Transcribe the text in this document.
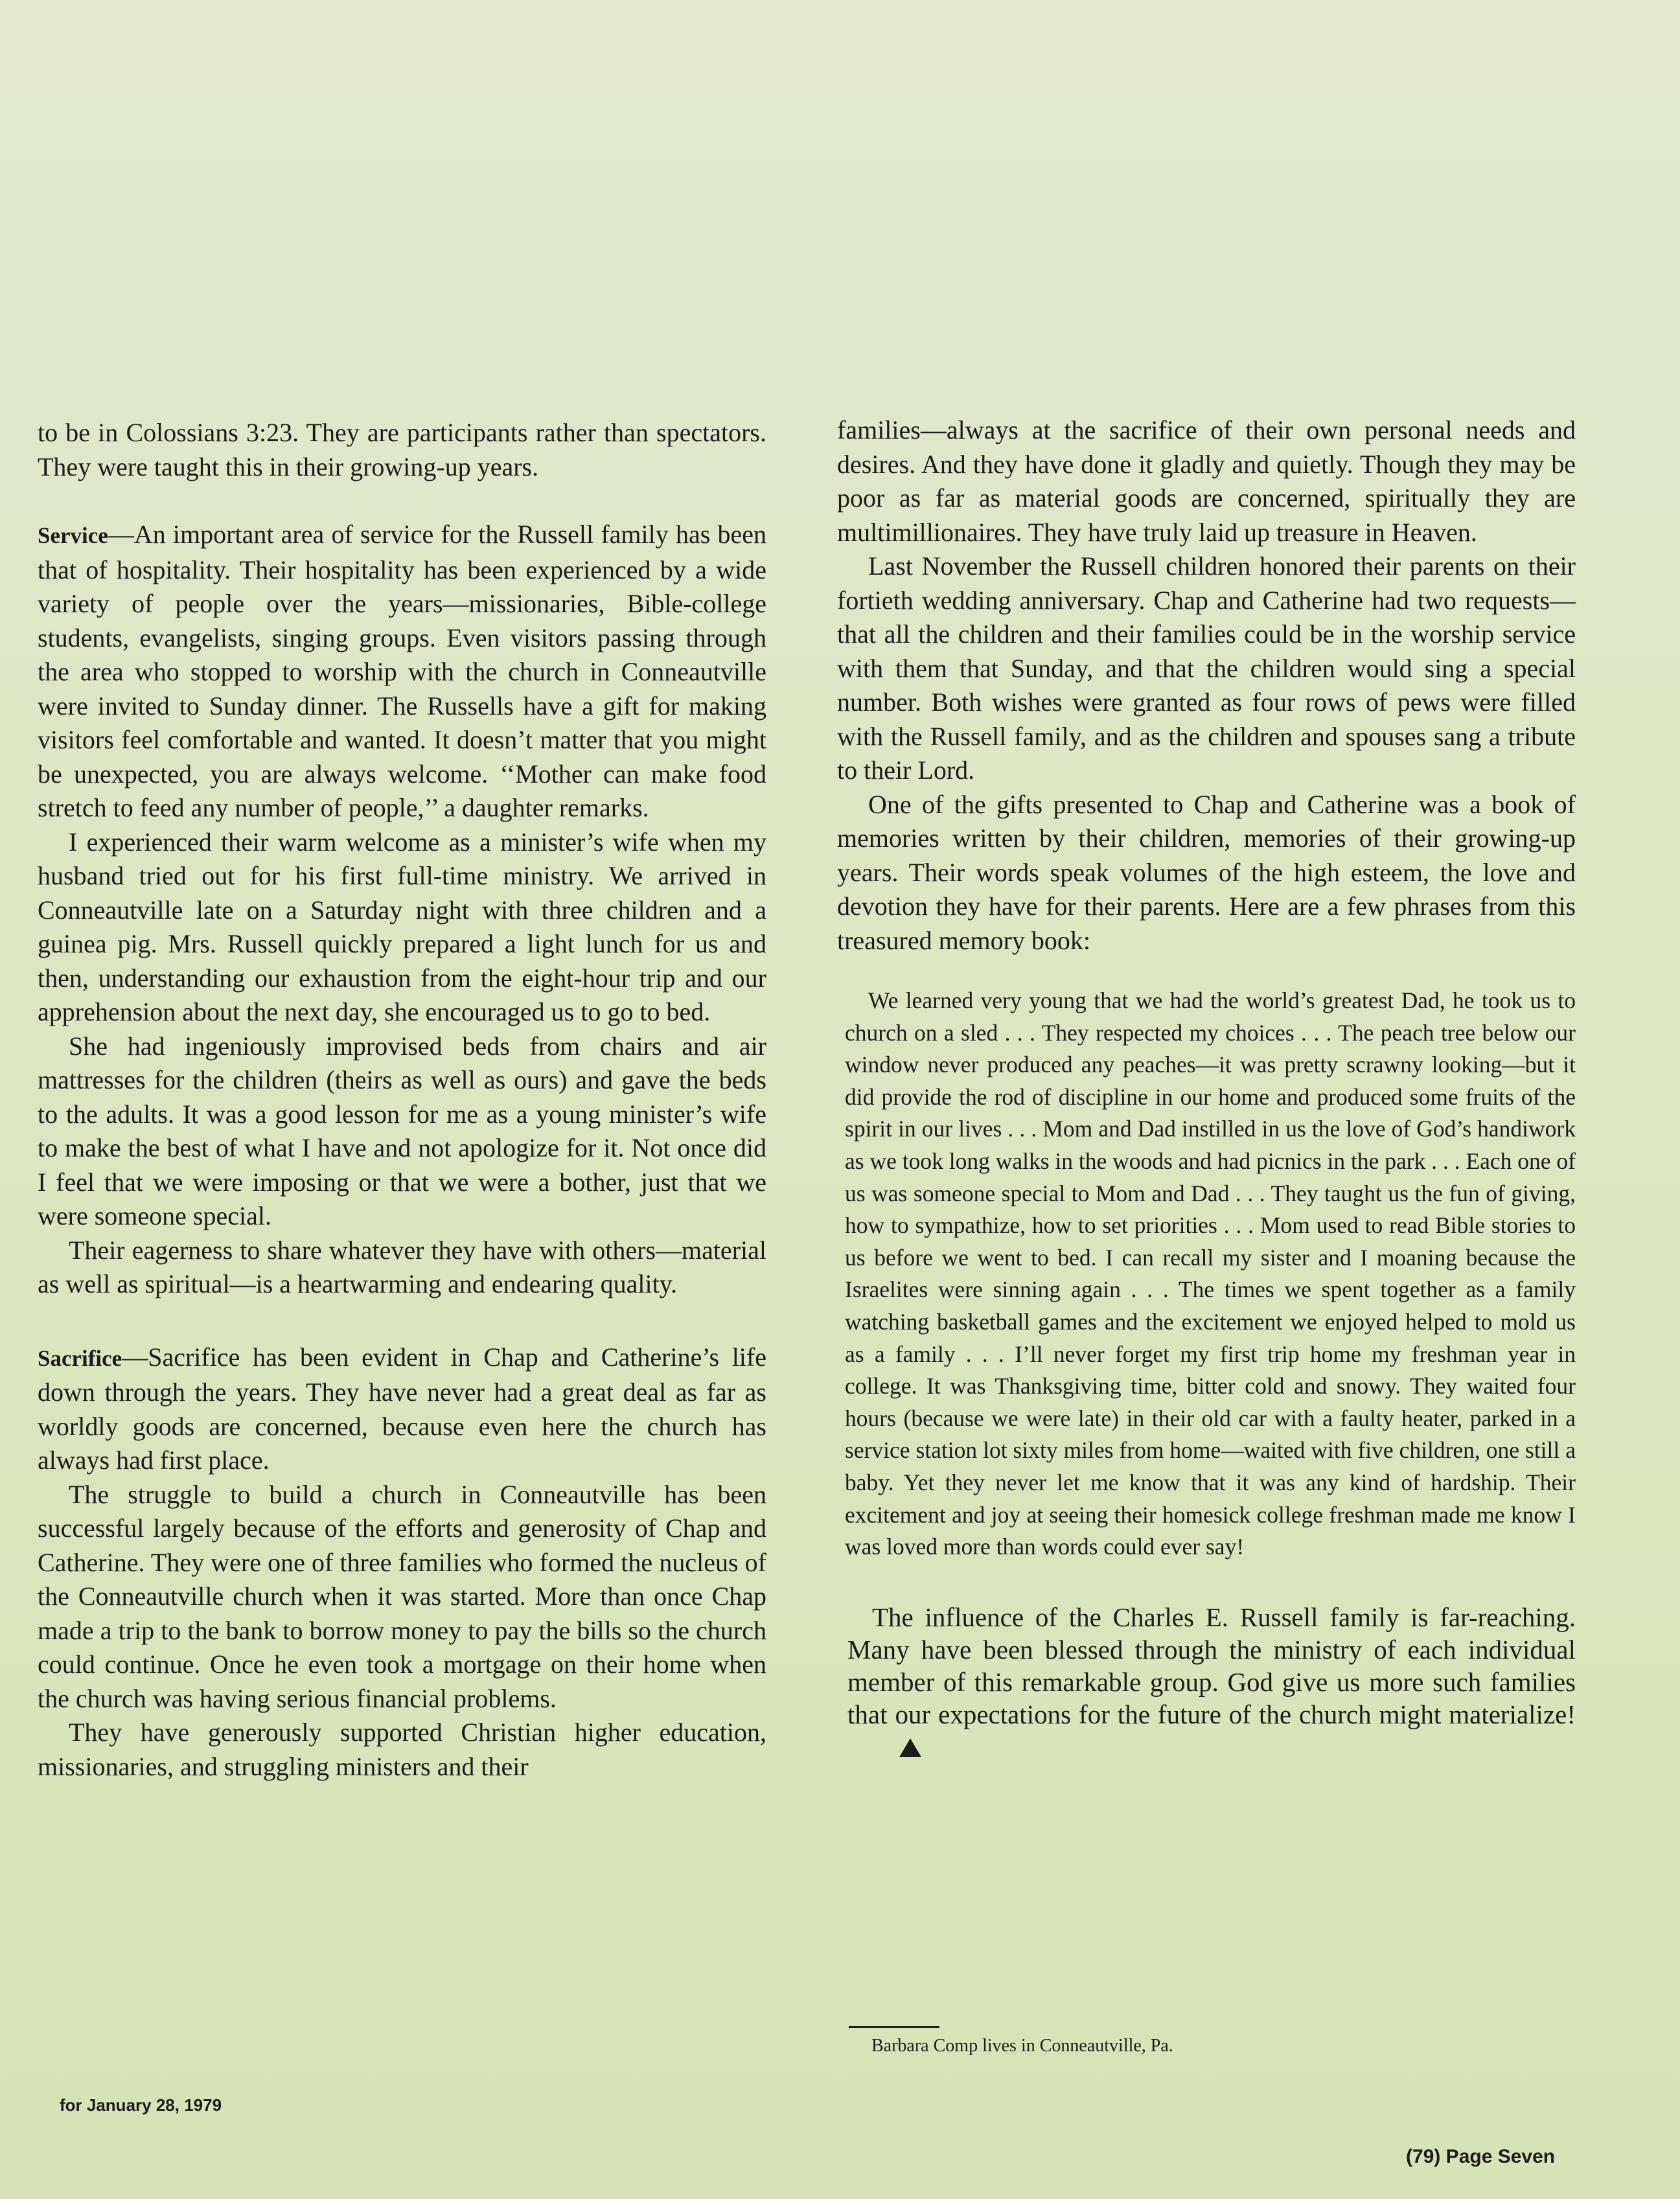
to be in Colossians 3:23. They are participants rather than spectators. They were taught this in their growing-up years.

Service—An important area of service for the Russell family has been that of hospitality. Their hospitality has been experienced by a wide variety of people over the years—missionaries, Bible-college students, evangelists, singing groups. Even visitors passing through the area who stopped to worship with the church in Conneautville were invited to Sunday dinner. The Russells have a gift for making visitors feel comfortable and wanted. It doesn’t matter that you might be unexpected, you are always welcome. ‘‘Mother can make food stretch to feed any number of people,’’ a daughter remarks.

I experienced their warm welcome as a minister’s wife when my husband tried out for his first full-time ministry. We arrived in Conneautville late on a Saturday night with three children and a guinea pig. Mrs. Russell quickly prepared a light lunch for us and then, understanding our exhaustion from the eight-hour trip and our apprehension about the next day, she encouraged us to go to bed.

She had ingeniously improvised beds from chairs and air mattresses for the children (theirs as well as ours) and gave the beds to the adults. It was a good lesson for me as a young minister’s wife to make the best of what I have and not apologize for it. Not once did I feel that we were imposing or that we were a bother, just that we were someone special.

Their eagerness to share whatever they have with others—material as well as spiritual—is a heartwarming and endearing quality.

Sacrifice—Sacrifice has been evident in Chap and Catherine’s life down through the years. They have never had a great deal as far as worldly goods are concerned, because even here the church has always had first place.

The struggle to build a church in Conneautville has been successful largely because of the efforts and generosity of Chap and Catherine. They were one of three families who formed the nucleus of the Conneautville church when it was started. More than once Chap made a trip to the bank to borrow money to pay the bills so the church could continue. Once he even took a mortgage on their home when the church was having serious financial problems.

They have generously supported Christian higher education, missionaries, and struggling ministers and their

families—always at the sacrifice of their own personal needs and desires. And they have done it gladly and quietly. Though they may be poor as far as material goods are concerned, spiritually they are multimillionaires. They have truly laid up treasure in Heaven.

Last November the Russell children honored their parents on their fortieth wedding anniversary. Chap and Catherine had two requests—that all the children and their families could be in the worship service with them that Sunday, and that the children would sing a special number. Both wishes were granted as four rows of pews were filled with the Russell family, and as the children and spouses sang a tribute to their Lord.

One of the gifts presented to Chap and Catherine was a book of memories written by their children, memories of their growing-up years. Their words speak volumes of the high esteem, the love and devotion they have for their parents. Here are a few phrases from this treasured memory book:

We learned very young that we had the world’s greatest Dad, he took us to church on a sled . . . They respected my choices . . . The peach tree below our window never produced any peaches—it was pretty scrawny looking—but it did provide the rod of discipline in our home and produced some fruits of the spirit in our lives . . . Mom and Dad instilled in us the love of God’s handiwork as we took long walks in the woods and had picnics in the park . . . Each one of us was someone special to Mom and Dad . . . They taught us the fun of giving, how to sympathize, how to set priorities . . . Mom used to read Bible stories to us before we went to bed. I can recall my sister and I moaning because the Israelites were sinning again . . . The times we spent together as a family watching basketball games and the excitement we enjoyed helped to mold us as a family . . . I’ll never forget my first trip home my freshman year in college. It was Thanksgiving time, bitter cold and snowy. They waited four hours (because we were late) in their old car with a faulty heater, parked in a service station lot sixty miles from home—waited with five children, one still a baby. Yet they never let me know that it was any kind of hardship. Their excitement and joy at seeing their homesick college freshman made me know I was loved more than words could ever say!

The influence of the Charles E. Russell family is far-reaching. Many have been blessed through the ministry of each individual member of this remarkable group. God give us more such families that our expectations for the future of the church might materialize!

Barbara Comp lives in Conneautville, Pa.
for January 28, 1979
(79) Page Seven
